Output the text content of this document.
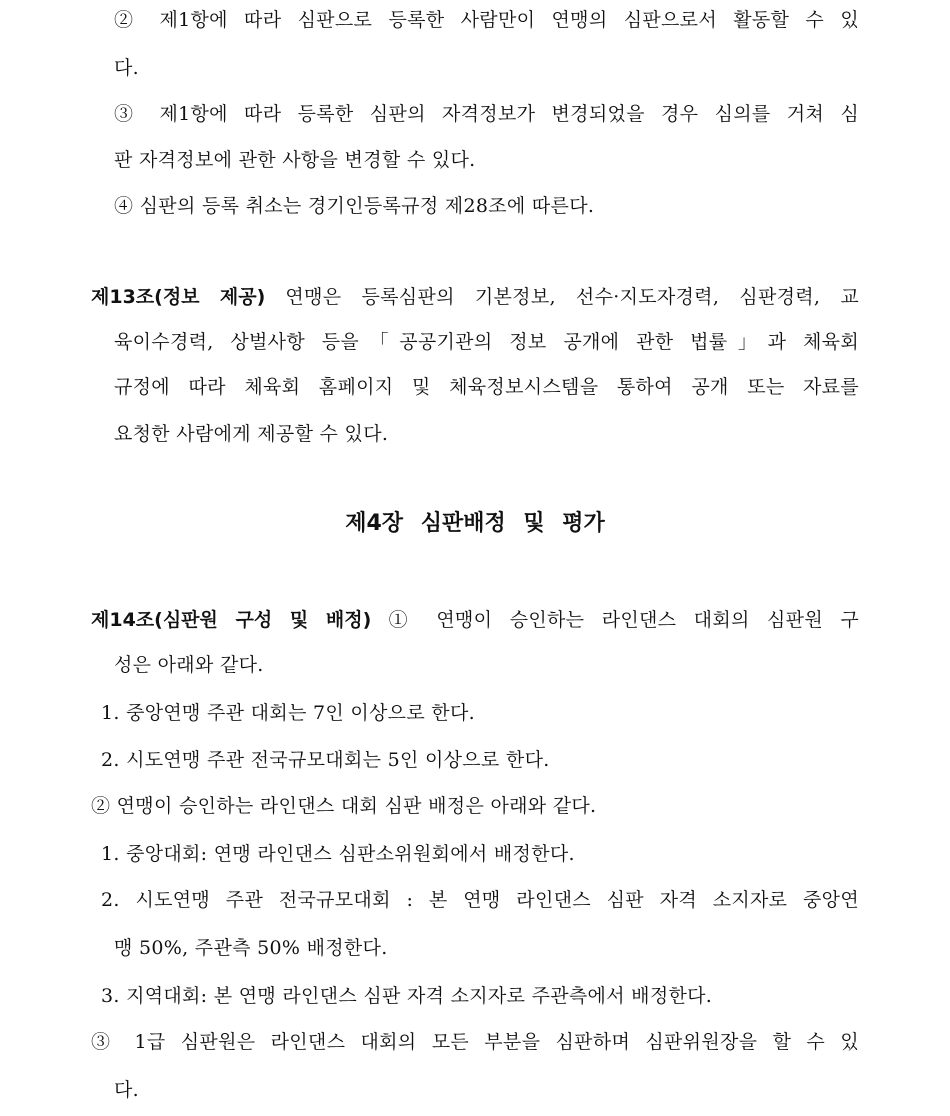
② 제1항에 따라 심판으로 등록한 사람만이 연맹의 심판으로서 활동할 수 있
다.
③ 제1항에 따라 등록한 심판의 자격정보가 변경되었을 경우 심의를 거쳐 심
판 자격정보에 관한 사항을 변경할 수 있다.
④ 심판의 등록 취소는 경기인등록규정 제28조에 따른다.
제13조(정보 제공) 연맹은 등록심판의 기본정보, 선수·지도자경력, 심판경력, 교
육이수경력, 상벌사항 등을「공공기관의 정보 공개에 관한 법률」과 체육회
규정에 따라 체육회 홈페이지 및 체육정보시스템을 통하여 공개 또는 자료를
요청한 사람에게 제공할 수 있다.
제4장 심판배정 및 평가
제14조(심판원 구성 및 배정) ① 연맹이 승인하는 라인댄스 대회의 심판원 구
성은 아래와 같다.
1. 중앙연맹 주관 대회는 7인 이상으로 한다.
2. 시도연맹 주관 전국규모대회는 5인 이상으로 한다.
② 연맹이 승인하는 라인댄스 대회 심판 배정은 아래와 같다.
1. 중앙대회: 연맹 라인댄스 심판소위원회에서 배정한다.
2. 시도연맹 주관 전국규모대회 : 본 연맹 라인댄스 심판 자격 소지자로 중앙연
맹 50%, 주관측 50% 배정한다.
3. 지역대회: 본 연맹 라인댄스 심판 자격 소지자로 주관측에서 배정한다.
③ 1급 심판원은 라인댄스 대회의 모든 부분을 심판하며 심판위원장을 할 수 있
다.
